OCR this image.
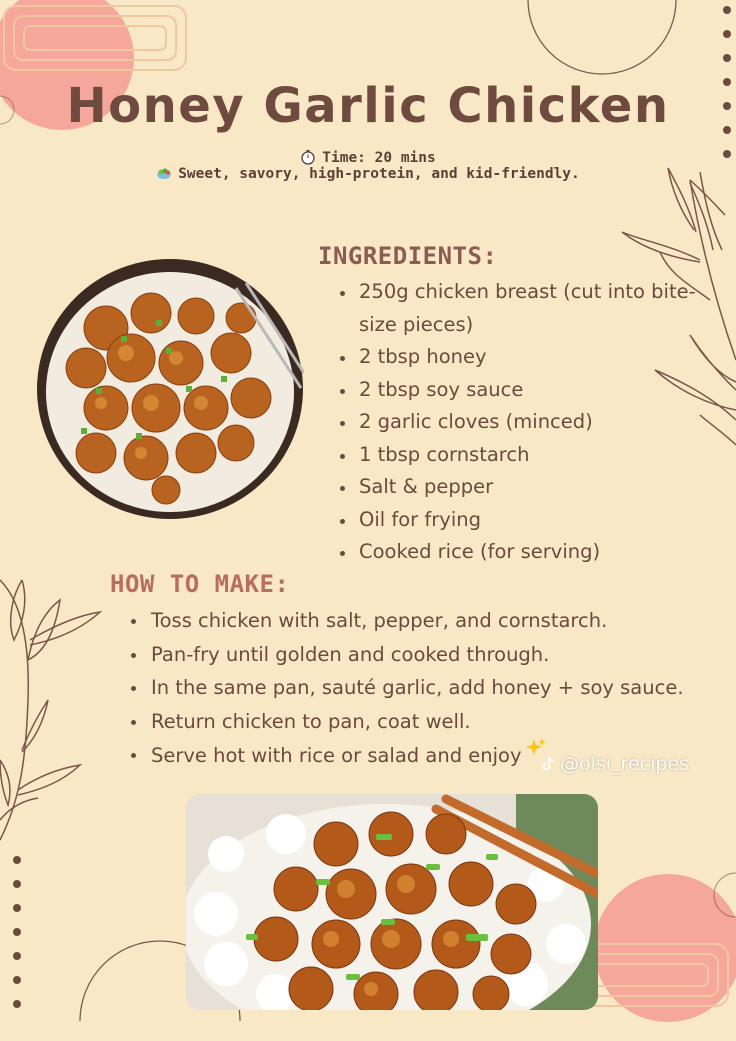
Honey Garlic Chicken
Time: 20 mins
Sweet, savory, high-protein, and kid-friendly.
INGREDIENTS:
250g chicken breast (cut into bite-size pieces)
2 tbsp honey
2 tbsp soy sauce
2 garlic cloves (minced)
1 tbsp cornstarch
Salt & pepper
Oil for frying
Cooked rice (for serving)
HOW TO MAKE:
Toss chicken with salt, pepper, and cornstarch.
Pan-fry until golden and cooked through.
In the same pan, sauté garlic, add honey + soy sauce.
Return chicken to pan, coat well.
Serve hot with rice or salad and enjoy	@olsi_recipes
